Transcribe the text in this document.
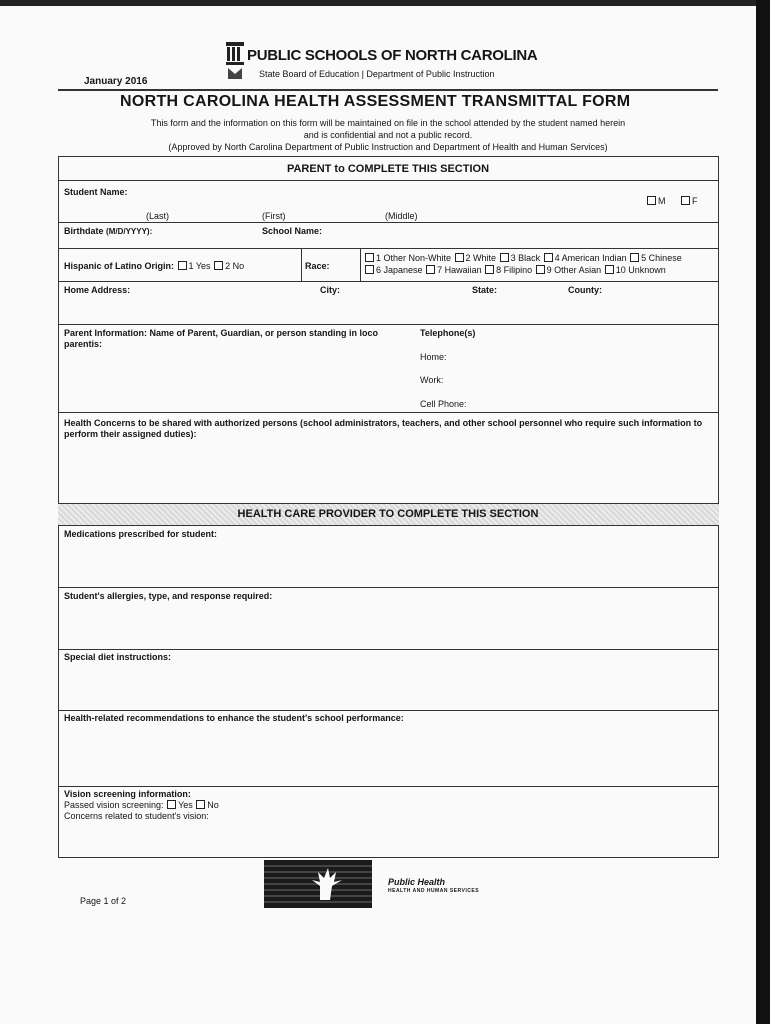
PUBLIC SCHOOLS OF NORTH CAROLINA
State Board of Education | Department of Public Instruction
January 2016
NORTH CAROLINA HEALTH ASSESSMENT TRANSMITTAL FORM
This form and the information on this form will be maintained on file in the school attended by the student named herein
and is confidential and not a public record.
(Approved by North Carolina Department of Public Instruction and Department of Health and Human Services)
PARENT to COMPLETE THIS SECTION
Student Name:
M	F
(Last)	(First)	(Middle)
Birthdate (M/D/YYYY):	School Name:
Hispanic of Latino Origin: 1 Yes 2 No	Race:
1 Other Non-White 2 White 3 Black 4 American Indian 5 Chinese
6 Japanese 7 Hawaiian 8 Filipino 9 Other Asian 10 Unknown
Home Address:	City:	State:	County:
Parent Information: Name of Parent, Guardian, or person standing in loco parentis:
Telephone(s)
Home:
Work:
Cell Phone:
Health Concerns to be shared with authorized persons (school administrators, teachers, and other school personnel who require such information to perform their assigned duties):
HEALTH CARE PROVIDER TO COMPLETE THIS SECTION
Medications prescribed for student:
Student's allergies, type, and response required:
Special diet instructions:
Health-related recommendations to enhance the student's school performance:
Vision screening information:
Passed vision screening: Yes No
Concerns related to student's vision:
Page 1 of 2
Public Health
HEALTH AND HUMAN SERVICES
